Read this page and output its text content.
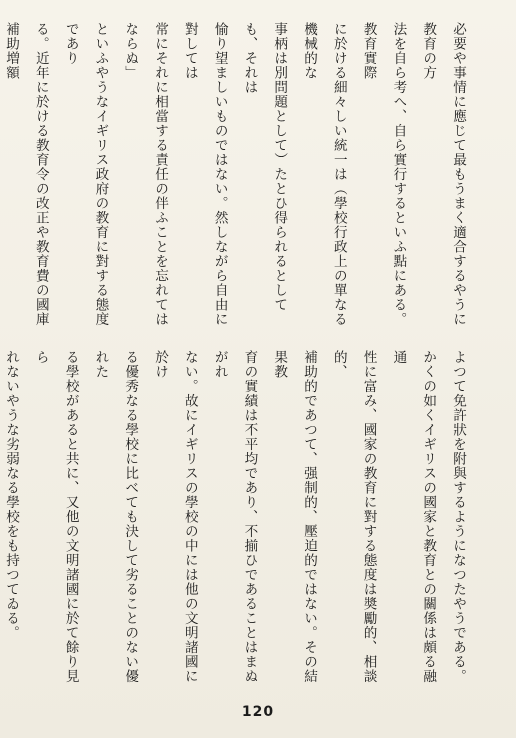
必要や事情に應じて最もうまく適合するやうに教育の方

法を自ら考へ、自ら實行するといふ點にある。教育實際

に於ける細々しい統一は（學校行政上の單なる機械的な

事柄は別問題として）たとひ得られるとしても、それは

愉り望ましいものではない。然しながら自由に對しては

常にそれに相當する責任の伴ふことを忘れてはならぬ」

といふやうなイギリス政府の教育に對する態度であり

る。近年に於ける教育令の改正や教育費の國庫補助増額

よつて免許狀を附與するようになつたやうである。

かくの如くイギリスの國家と教育との關係は頗る融通

性に富み、國家の教育に對する態度は奬勵的、相談的、

補助的であつて、强制的、壓迫的ではない。その結果教

育の實績は不平均であり、不揃ひであることはまぬがれ

ない。故にイギリスの學校の中には他の文明諸國に於け

る優秀なる學校に比べても決して劣ることのない優れた

る學校があると共に、又他の文明諸國に於て餘り見ら

れないやうな劣弱なる學校をも持つてゐる。

120
